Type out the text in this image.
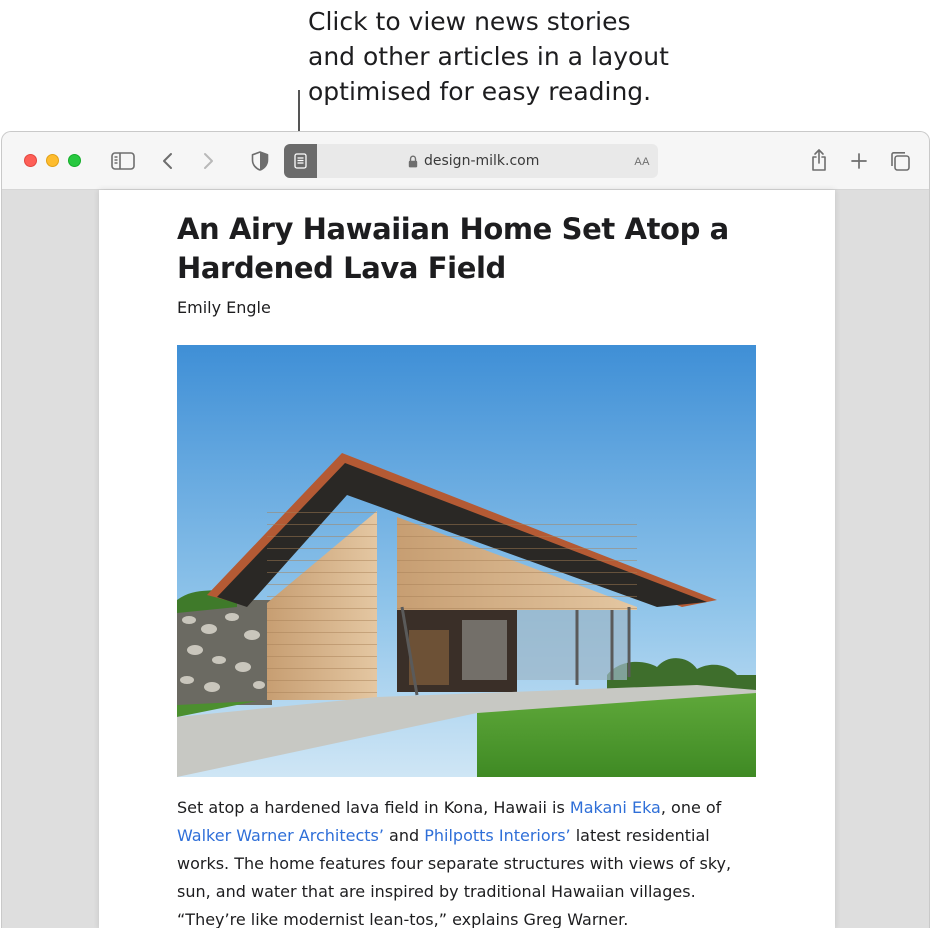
Click to view news stories
and other articles in a layout
optimised for easy reading.
design-milk.com	AA
An Airy Hawaiian Home Set Atop a Hardened Lava Field
Emily Engle
Set atop a hardened lava field in Kona, Hawaii is Makani Eka, one of Walker Warner Architects’ and Philpotts Interiors’ latest residential works. The home features four separate structures with views of sky, sun, and water that are inspired by traditional Hawaiian villages. “They’re like modernist lean-tos,” explains Greg Warner.
